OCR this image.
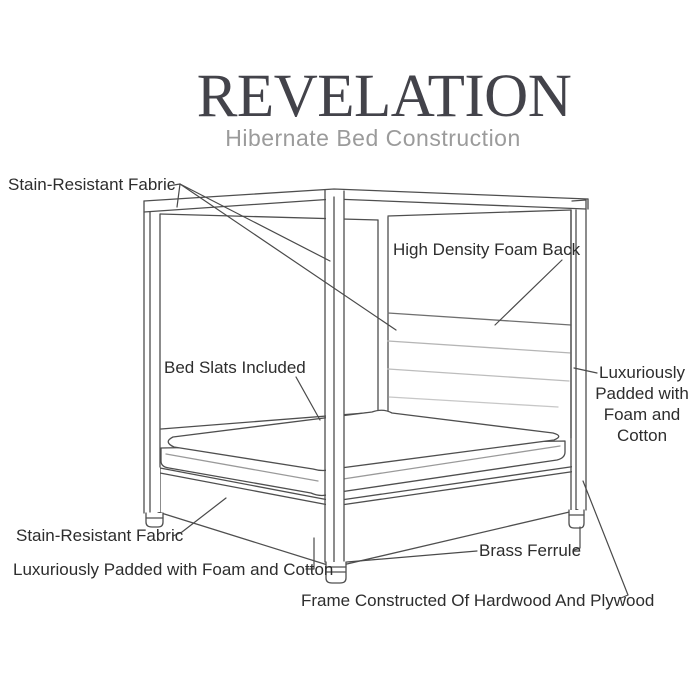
REVELATION
Hibernate Bed Construction
Stain-Resistant Fabric
High Density Foam Back
Bed Slats Included	Luxuriously Padded with Foam and Cotton
Stain-Resistant Fabric
Luxuriously Padded with Foam and Cotton
Brass Ferrule
Frame Constructed Of Hardwood And Plywood
